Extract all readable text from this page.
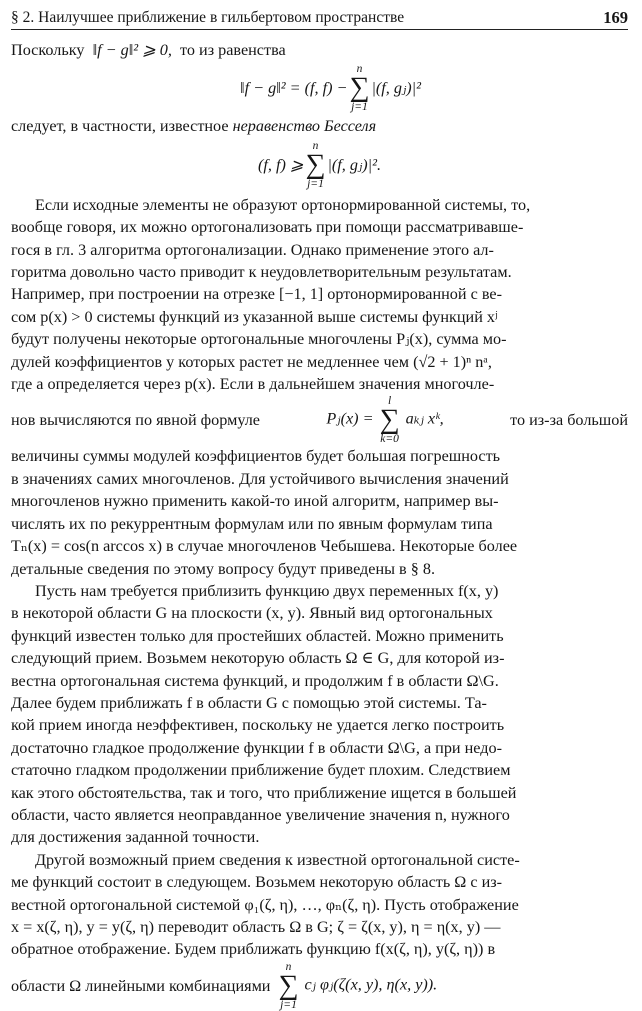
§ 2. Наилучшее приближение в гильбертовом пространстве	169

Поскольку ‖f − g‖² ⩾ 0, то из равенства

‖f − g‖² = (f, f) −
n
∑
j=1
|(f, gⱼ)|²

следует, в частности, известное неравенство Бесселя

(f, f) ⩾
n
∑
j=1
|(f, gⱼ)|².

Если исходные элементы не образуют ортонормированной системы, то,

вообще говоря, их можно ортогонализовать при помощи рассматривавше-

гося в гл. 3 алгоритма ортогонализации. Однако применение этого ал-

горитма довольно часто приводит к неудовлетворительным результатам.

Например, при построении на отрезке [−1, 1] ортонормированной с ве-

сом p(x) > 0 системы функций из указанной выше системы функций xʲ

будут получены некоторые ортогональные многочлены Pⱼ(x), сумма мо-

дулей коэффициентов у которых растет не медленнее чем (√2 + 1)ⁿ nᵃ,

где a определяется через p(x). Если в дальнейшем значения многочле-

нов вычисляются по явной формуле	Pⱼ(x) =
l
∑
k=0
aₖⱼ xᵏ,	то из-за большой

величины суммы модулей коэффициентов будет большая погрешность

в значениях самих многочленов. Для устойчивого вычисления значений

многочленов нужно применить какой-то иной алгоритм, например вы-

числять их по рекуррентным формулам или по явным формулам типа

Tₙ(x) = cos(n arccos x) в случае многочленов Чебышева. Некоторые более

детальные сведения по этому вопросу будут приведены в § 8.

Пусть нам требуется приблизить функцию двух переменных f(x, y)

в некоторой области G на плоскости (x, y). Явный вид ортогональных

функций известен только для простейших областей. Можно применить

следующий прием. Возьмем некоторую область Ω ∈ G, для которой из-

вестна ортогональная система функций, и продолжим f в области Ω\G.

Далее будем приближать f в области G с помощью этой системы. Та-

кой прием иногда неэффективен, поскольку не удается легко построить

достаточно гладкое продолжение функции f в области Ω\G, а при недо-

статочно гладком продолжении приближение будет плохим. Следствием

как этого обстоятельства, так и того, что приближение ищется в большей

области, часто является неоправданное увеличение значения n, нужного

для достижения заданной точности.

Другой возможный прием сведения к известной ортогональной систе-

ме функций состоит в следующем. Возьмем некоторую область Ω с из-

вестной ортогональной системой φ₁(ζ, η), …, φₙ(ζ, η). Пусть отображение

x = x(ζ, η), y = y(ζ, η) переводит область Ω в G; ζ = ζ(x, y), η = η(x, y) —

обратное отображение. Будем приближать функцию f(x(ζ, η), y(ζ, η)) в

области Ω линейными комбинациями
n
∑
j=1
cⱼ φⱼ(ζ(x, y), η(x, y)).
